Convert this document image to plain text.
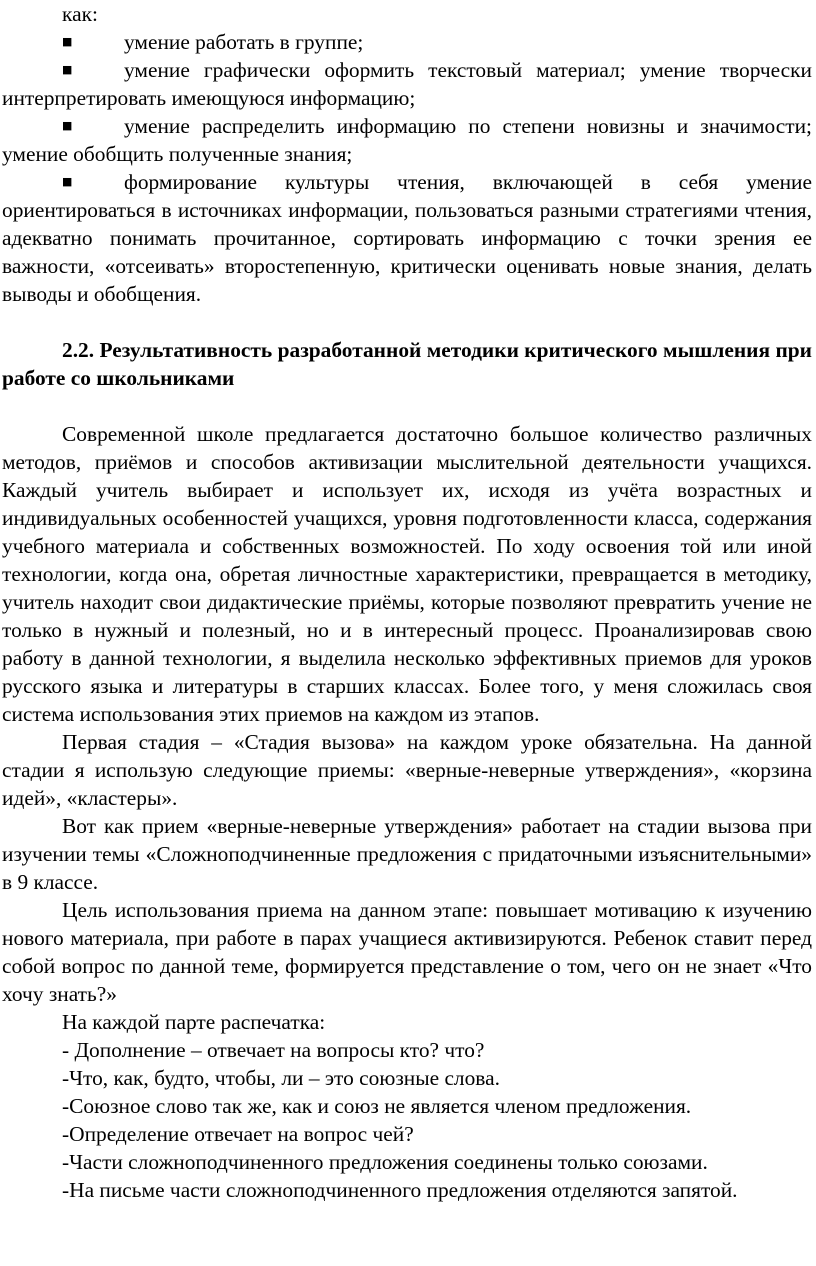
как:

■умение работать в группе;

■умение графически оформить текстовый материал; умение творчески интерпретировать имеющуюся информацию;

■умение распределить информацию по степени новизны и значимости; умение обобщить полученные знания;

■формирование культуры чтения, включающей в себя умение ориентироваться в источниках информации, пользоваться разными стратегиями чтения, адекватно понимать прочитанное, сортировать информацию с точки зрения ее важности, «отсеивать» второстепенную, критически оценивать новые знания, делать выводы и обобщения.

2.2. Результативность разработанной методики критического мышления при работе со школьниками

Современной школе предлагается достаточно большое количество различных методов, приёмов и способов активизации мыслительной деятельности учащихся. Каждый учитель выбирает и использует их, исходя из учёта возрастных и индивидуальных особенностей учащихся, уровня подготовленности класса, содержания учебного материала и собственных возможностей. По ходу освоения той или иной технологии, когда она, обретая личностные характеристики, превращается в методику, учитель находит свои дидактические приёмы, которые позволяют превратить учение не только в нужный и полезный, но и в интересный процесс. Проанализировав свою работу в данной технологии, я выделила несколько эффективных приемов для уроков русского языка и литературы в старших классах. Более того, у меня сложилась своя система использования этих приемов на каждом из этапов.

Первая стадия – «Стадия вызова» на каждом уроке обязательна. На данной стадии я использую следующие приемы: «верные-неверные утверждения», «корзина идей», «кластеры».

Вот как прием «верные-неверные утверждения» работает на стадии вызова при изучении темы «Сложноподчиненные предложения с придаточными изъяснительными» в 9 классе.

Цель использования приема на данном этапе: повышает мотивацию к изучению нового материала, при работе в парах учащиеся активизируются. Ребенок ставит перед собой вопрос по данной теме, формируется представление о том, чего он не знает «Что хочу знать?»

На каждой парте распечатка:

- Дополнение – отвечает на вопросы кто? что?

-Что, как, будто, чтобы, ли – это союзные слова.

-Союзное слово так же, как и союз не является членом предложения.

-Определение отвечает на вопрос чей?

-Части сложноподчиненного предложения соединены только союзами.

-На письме части сложноподчиненного предложения отделяются запятой.
